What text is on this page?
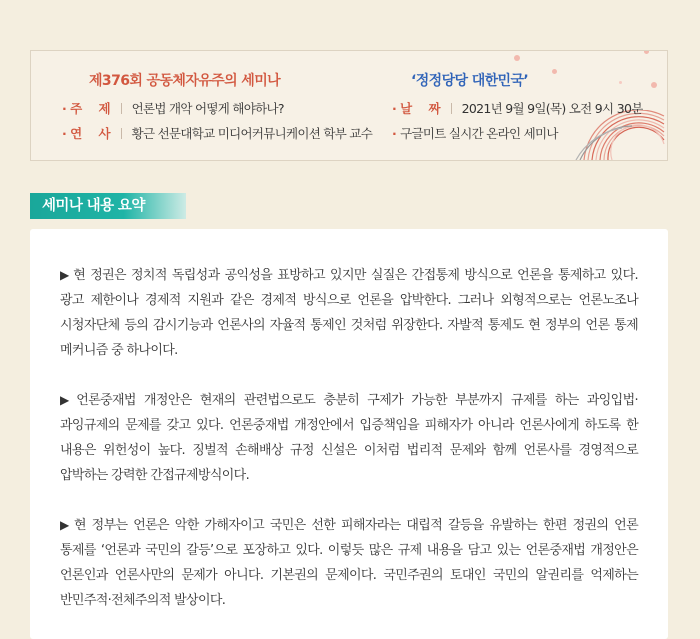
제376회 공동체자유주의 세미나	‘정정당당 대한민국’
· 주 제 언론법 개악 어떻게 해야하나?
· 연 사 황근 선문대학교 미디어커뮤니케이션 학부 교수
· 날 짜 2021년 9월 9일(목) 오전 9시 30분
· 구글미트 실시간 온라인 세미나
세미나 내용 요약

▶ 현 정권은 정치적 독립성과 공익성을 표방하고 있지만 실질은 간접통제 방식으로 언론을 통제하고 있다. 광고 제한이나 경제적 지원과 같은 경제적 방식으로 언론을 압박한다. 그러나 외형적으로는 언론노조나 시청자단체 등의 감시기능과 언론사의 자율적 통제인 것처럼 위장한다. 자발적 통제도 현 정부의 언론 통제 메커니즘 중 하나이다.

▶ 언론중재법 개정안은 현재의 관련법으로도 충분히 구제가 가능한 부분까지 규제를 하는 과잉입법·과잉규제의 문제를 갖고 있다. 언론중재법 개정안에서 입증책임을 피해자가 아니라 언론사에게 하도록 한 내용은 위헌성이 높다. 징벌적 손해배상 규정 신설은 이처럼 법리적 문제와 함께 언론사를 경영적으로 압박하는 강력한 간접규제방식이다.

▶ 현 정부는 언론은 악한 가해자이고 국민은 선한 피해자라는 대립적 갈등을 유발하는 한편 정권의 언론 통제를 ‘언론과 국민의 갈등’으로 포장하고 있다. 이렇듯 많은 규제 내용을 담고 있는 언론중재법 개정안은 언론인과 언론사만의 문제가 아니다. 기본권의 문제이다. 국민주권의 토대인 국민의 알권리를 억제하는 반민주적·전체주의적 발상이다.
